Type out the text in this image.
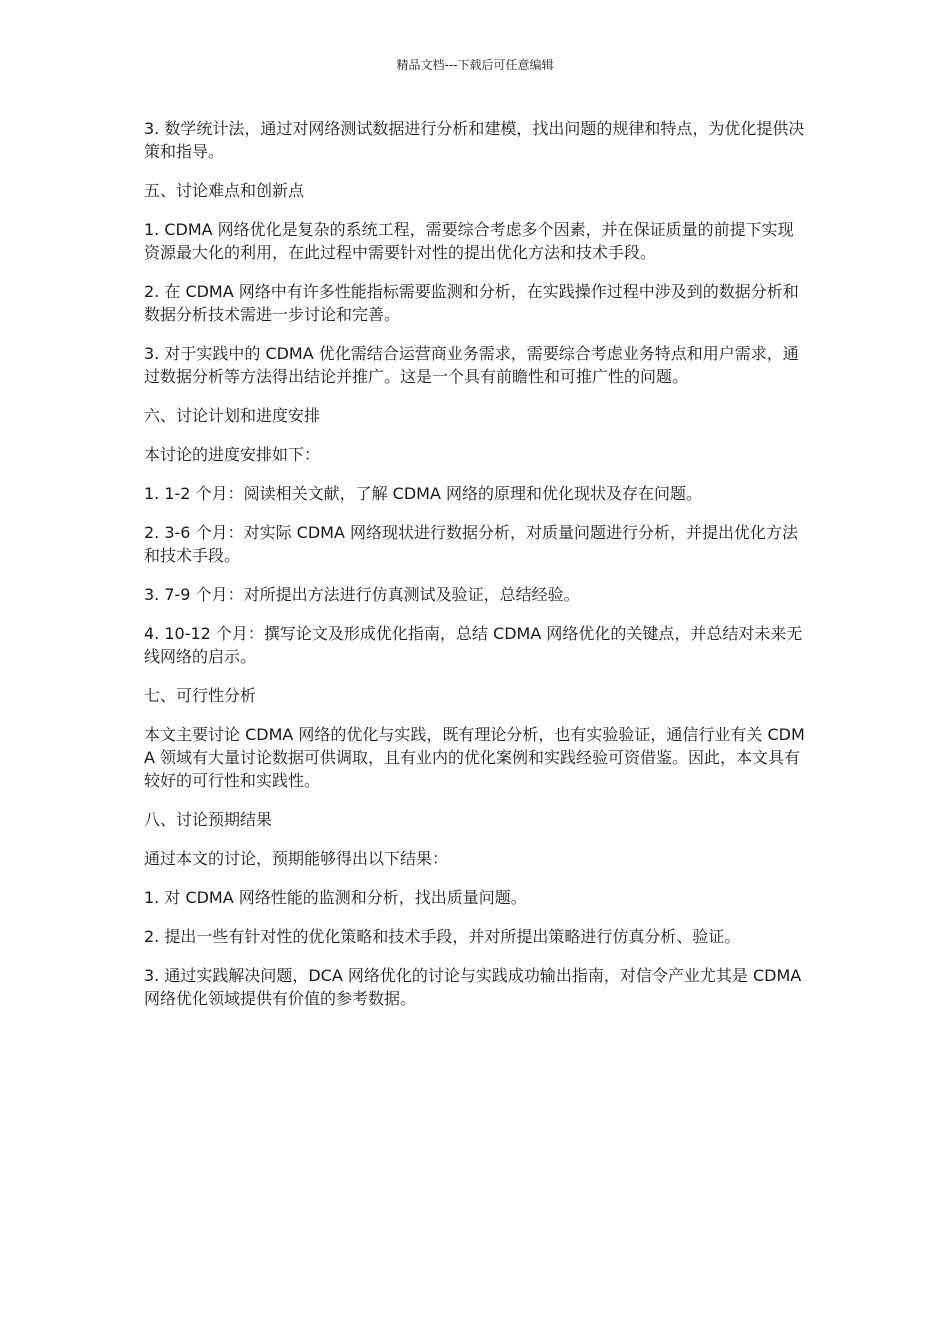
精品文档---下载后可任意编辑

3. 数学统计法，通过对网络测试数据进行分析和建模，找出问题的规律和特点，为优化提供决策和指导。

五、讨论难点和创新点

1. CDMA 网络优化是复杂的系统工程，需要综合考虑多个因素，并在保证质量的前提下实现资源最大化的利用，在此过程中需要针对性的提出优化方法和技术手段。

2. 在 CDMA 网络中有许多性能指标需要监测和分析，在实践操作过程中涉及到的数据分析和数据分析技术需进一步讨论和完善。

3. 对于实践中的 CDMA 优化需结合运营商业务需求，需要综合考虑业务特点和用户需求，通过数据分析等方法得出结论并推广。这是一个具有前瞻性和可推广性的问题。

六、讨论计划和进度安排

本讨论的进度安排如下：

1. 1-2 个月：阅读相关文献，了解 CDMA 网络的原理和优化现状及存在问题。

2. 3-6 个月：对实际 CDMA 网络现状进行数据分析，对质量问题进行分析，并提出优化方法和技术手段。

3. 7-9 个月：对所提出方法进行仿真测试及验证，总结经验。

4. 10-12 个月：撰写论文及形成优化指南，总结 CDMA 网络优化的关键点，并总结对未来无线网络的启示。

七、可行性分析

本文主要讨论 CDMA 网络的优化与实践，既有理论分析，也有实验验证，通信行业有关 CDMA 领域有大量讨论数据可供调取，且有业内的优化案例和实践经验可资借鉴。因此，本文具有较好的可行性和实践性。

八、讨论预期结果

通过本文的讨论，预期能够得出以下结果：

1. 对 CDMA 网络性能的监测和分析，找出质量问题。

2. 提出一些有针对性的优化策略和技术手段，并对所提出策略进行仿真分析、验证。

3. 通过实践解决问题，DCA 网络优化的讨论与实践成功输出指南，对信令产业尤其是 CDMA 网络优化领域提供有价值的参考数据。
